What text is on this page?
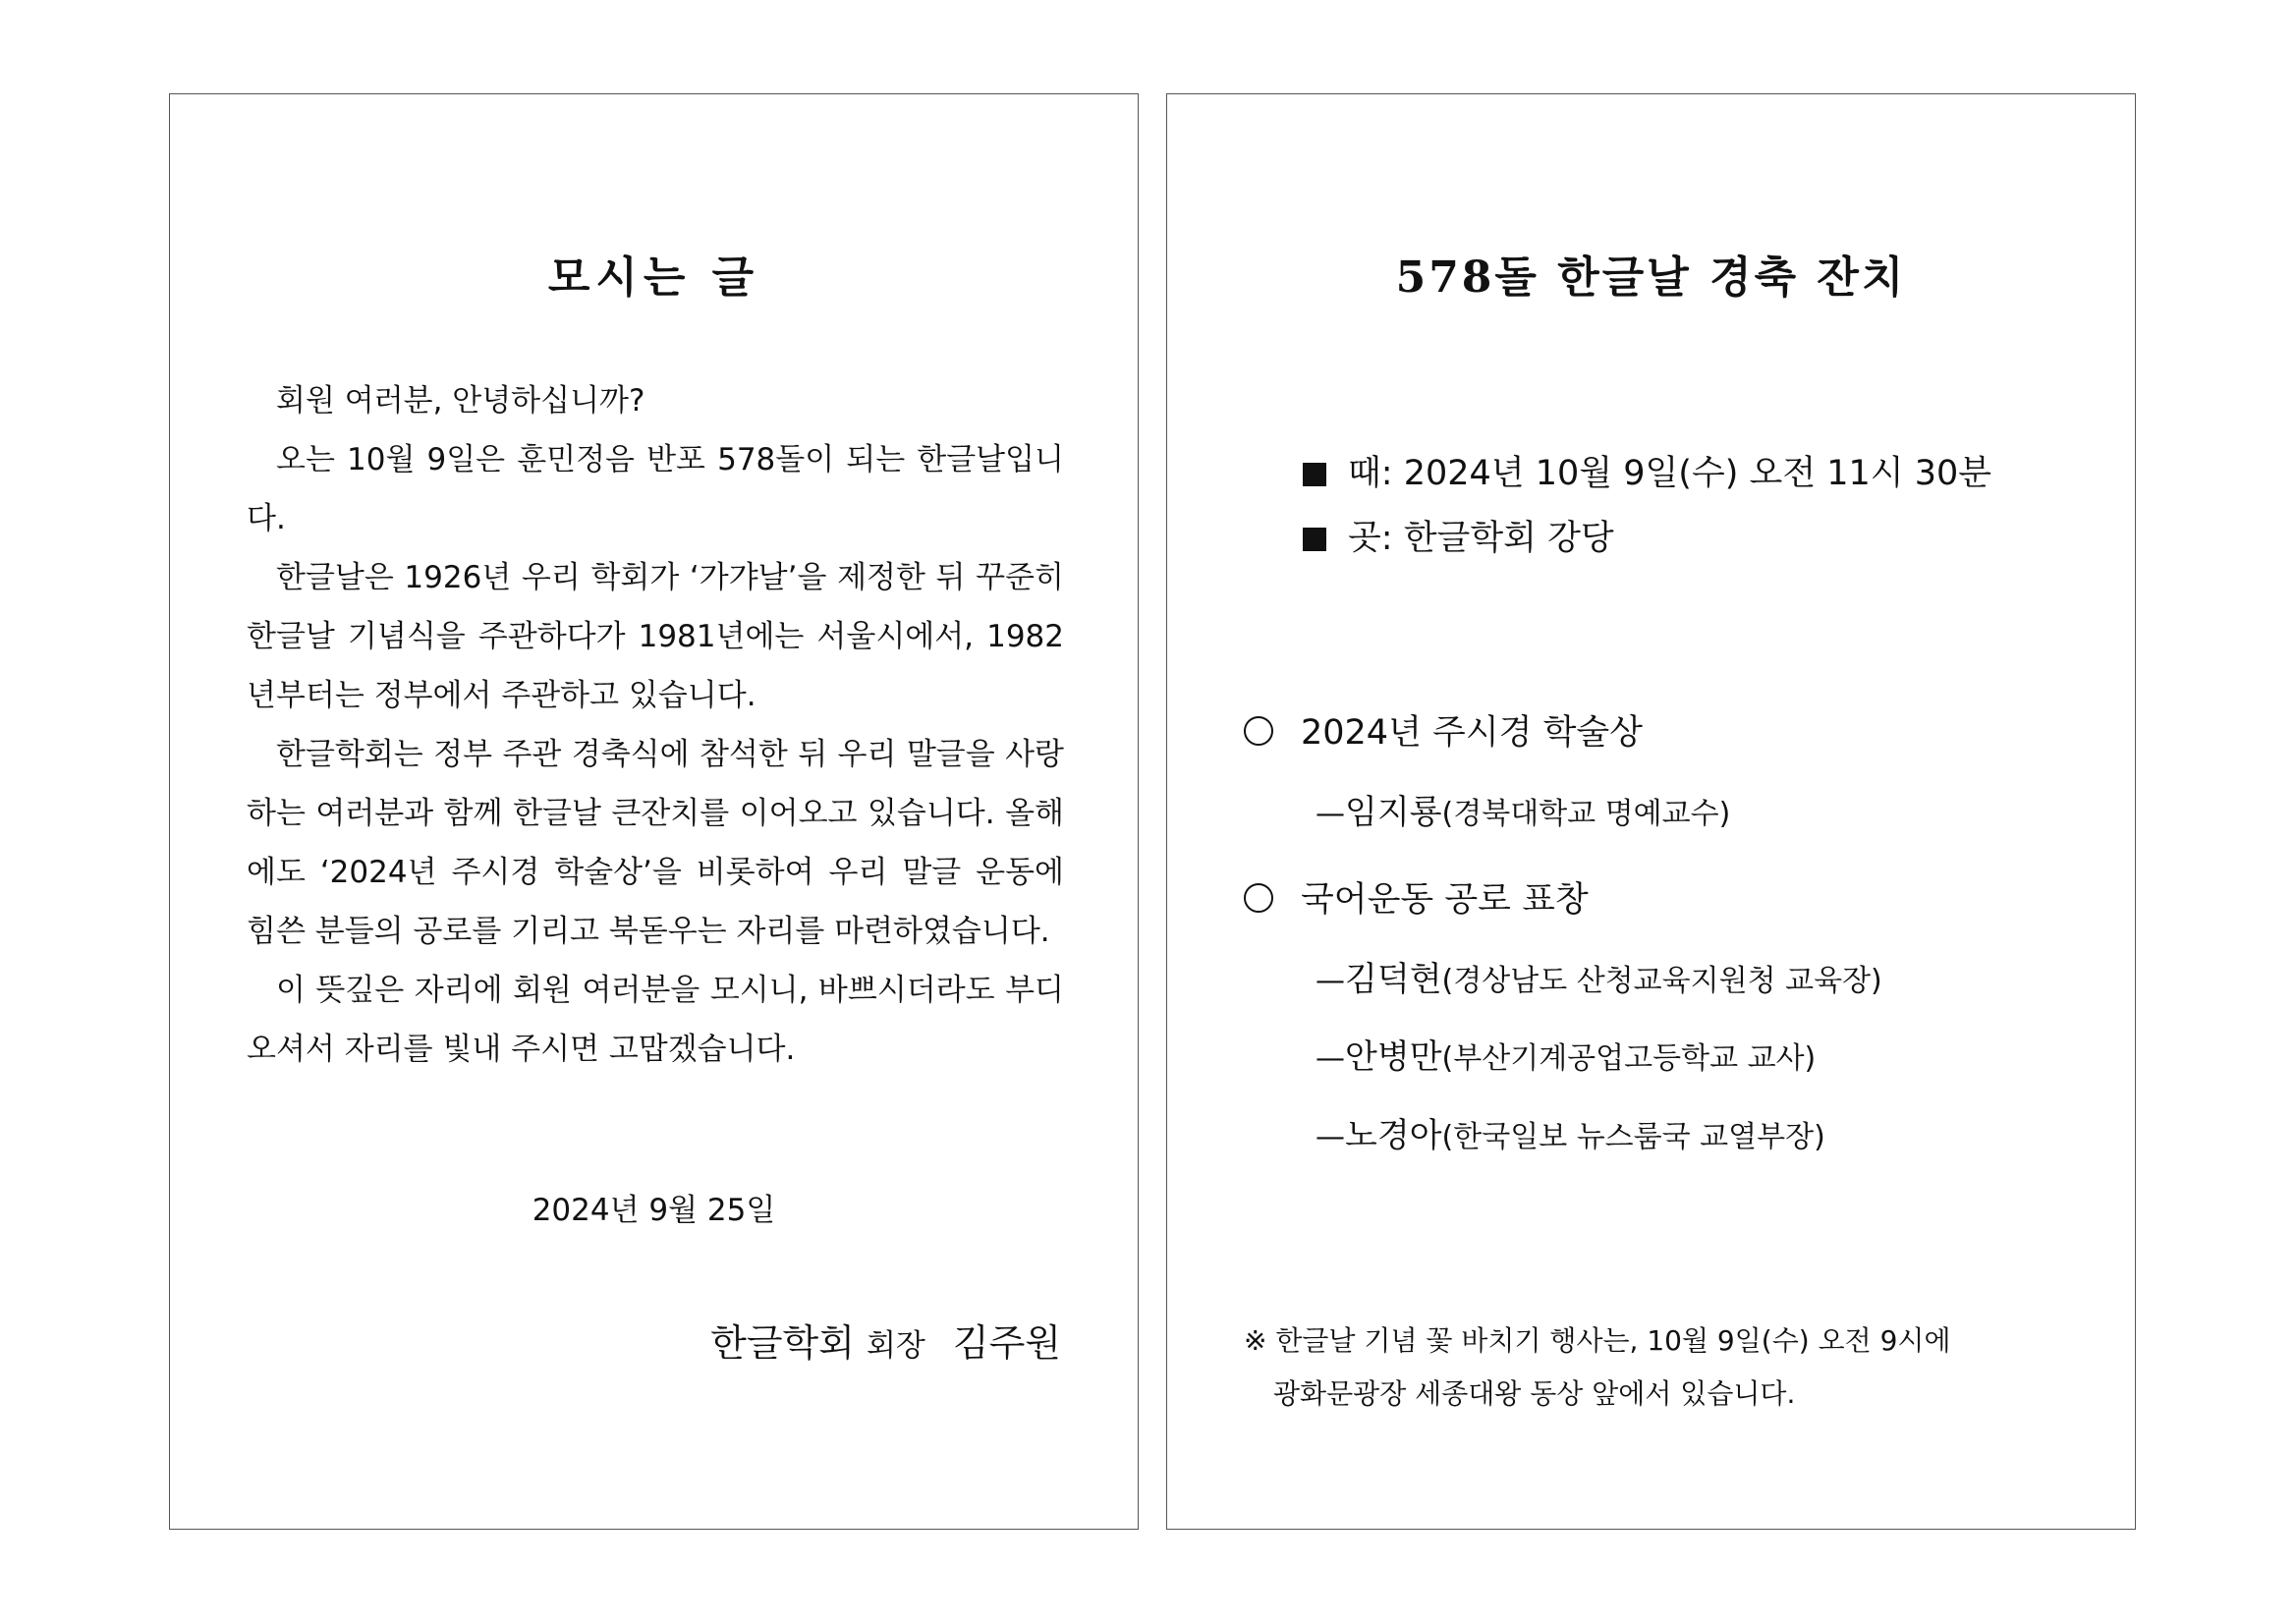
모시는 글

회원 여러분, 안녕하십니까?

오는 10월 9일은 훈민정음 반포 578돌이 되는 한글날입니다.

한글날은 1926년 우리 학회가 ‘가갸날’을 제정한 뒤 꾸준히 한글날 기념식을 주관하다가 1981년에는 서울시에서, 1982년부터는 정부에서 주관하고 있습니다.

한글학회는 정부 주관 경축식에 참석한 뒤 우리 말글을 사랑하는 여러분과 함께 한글날 큰잔치를 이어오고 있습니다. 올해에도 ‘2024년 주시경 학술상’을 비롯하여 우리 말글 운동에 힘쓴 분들의 공로를 기리고 북돋우는 자리를 마련하였습니다.

이 뜻깊은 자리에 회원 여러분을 모시니, 바쁘시더라도 부디 오셔서 자리를 빛내 주시면 고맙겠습니다.

2024년 9월 25일
한글학회 회장 김주원
578돌 한글날 경축 잔치
때: 2024년 10월 9일(수) 오전 11시 30분
곳: 한글학회 강당
2024년 주시경 학술상
—임지룡(경북대학교 명예교수)
국어운동 공로 표창
—김덕현(경상남도 산청교육지원청 교육장)
—안병만(부산기계공업고등학교 교사)
—노경아(한국일보 뉴스룸국 교열부장)
※ 한글날 기념 꽃 바치기 행사는, 10월 9일(수) 오전 9시에
광화문광장 세종대왕 동상 앞에서 있습니다.
